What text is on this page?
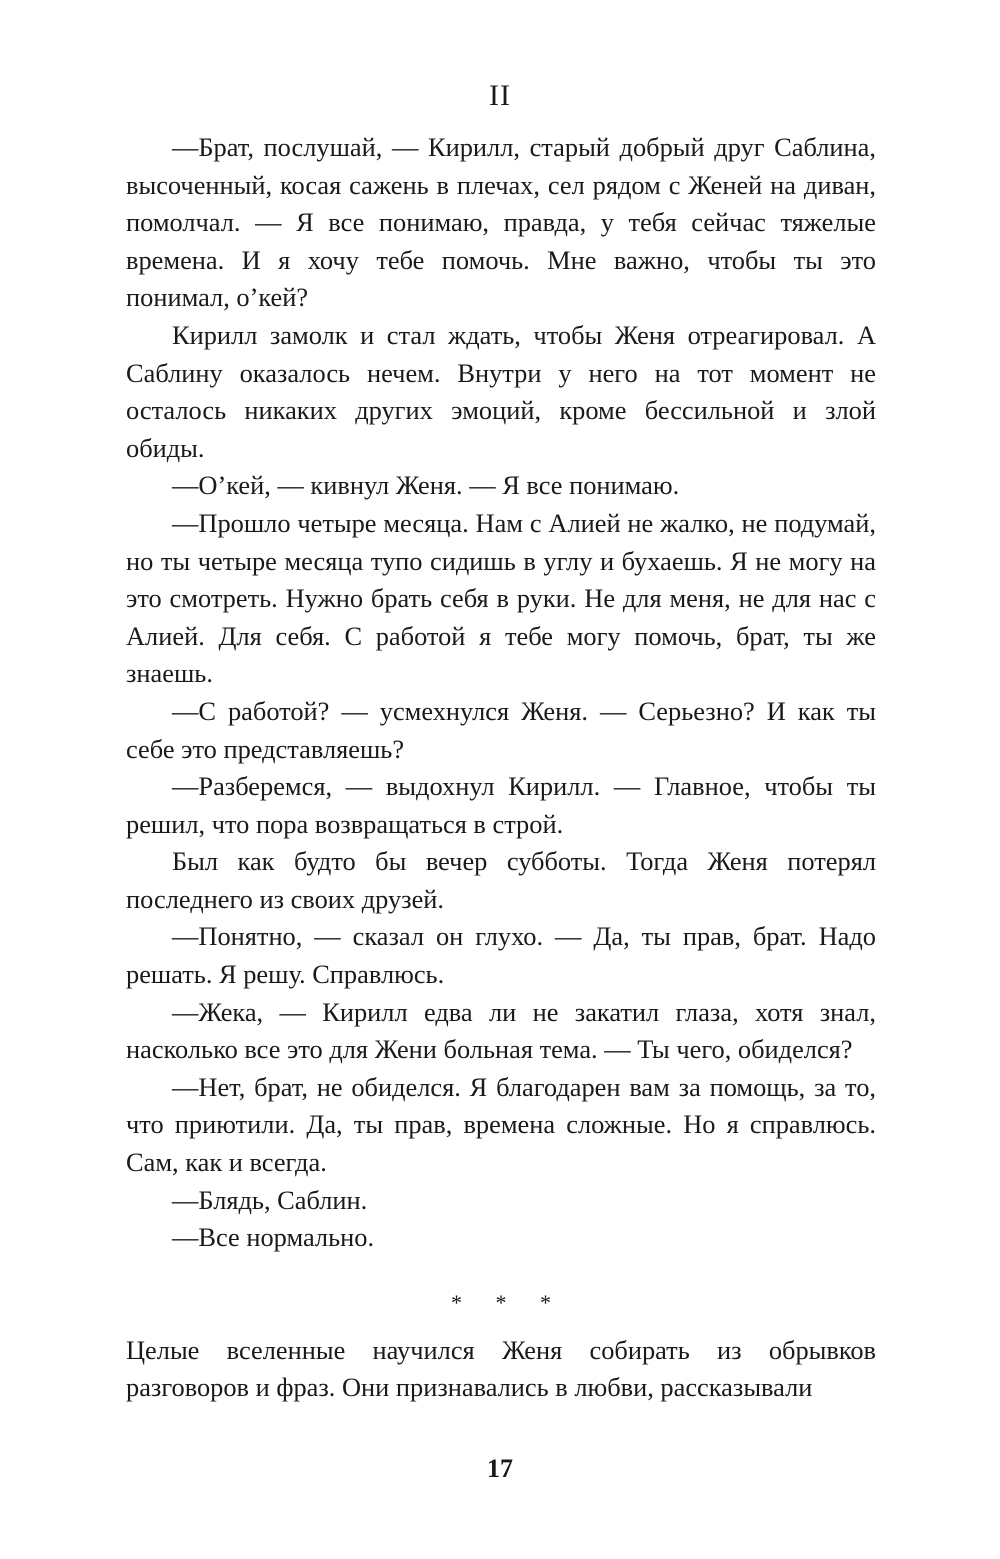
II

—Брат, послушай, — Кирилл, старый добрый друг Саблина, высоченный, косая сажень в плечах, сел рядом с Женей на диван, помолчал. — Я все понимаю, правда, у тебя сейчас тяжелые времена. И я хочу тебе помочь. Мне важно, чтобы ты это понимал, о’кей?

Кирилл замолк и стал ждать, чтобы Женя отреагировал. А Саблину оказалось нечем. Внутри у него на тот момент не осталось никаких других эмоций, кроме бессильной и злой обиды.

—О’кей, — кивнул Женя. — Я все понимаю.

—Прошло четыре месяца. Нам с Алией не жалко, не подумай, но ты четыре месяца тупо сидишь в углу и бухаешь. Я не могу на это смотреть. Нужно брать себя в руки. Не для меня, не для нас с Алией. Для себя. С работой я тебе могу помочь, брат, ты же знаешь.

—С работой? — усмехнулся Женя. — Серьезно? И как ты себе это представляешь?

—Разберемся, — выдохнул Кирилл. — Главное, чтобы ты решил, что пора возвращаться в строй.

Был как будто бы вечер субботы. Тогда Женя потерял последнего из своих друзей.

—Понятно, — сказал он глухо. — Да, ты прав, брат. Надо решать. Я решу. Справлюсь.

—Жека, — Кирилл едва ли не закатил глаза, хотя знал, насколько все это для Жени больная тема. — Ты чего, обиделся?

—Нет, брат, не обиделся. Я благодарен вам за помощь, за то, что приютили. Да, ты прав, времена сложные. Но я справлюсь. Сам, как и всегда.

—Блядь, Саблин.

—Все нормально.

* * *

Целые вселенные научился Женя собирать из обрывков разговоров и фраз. Они признавались в любви, рассказывали

17
